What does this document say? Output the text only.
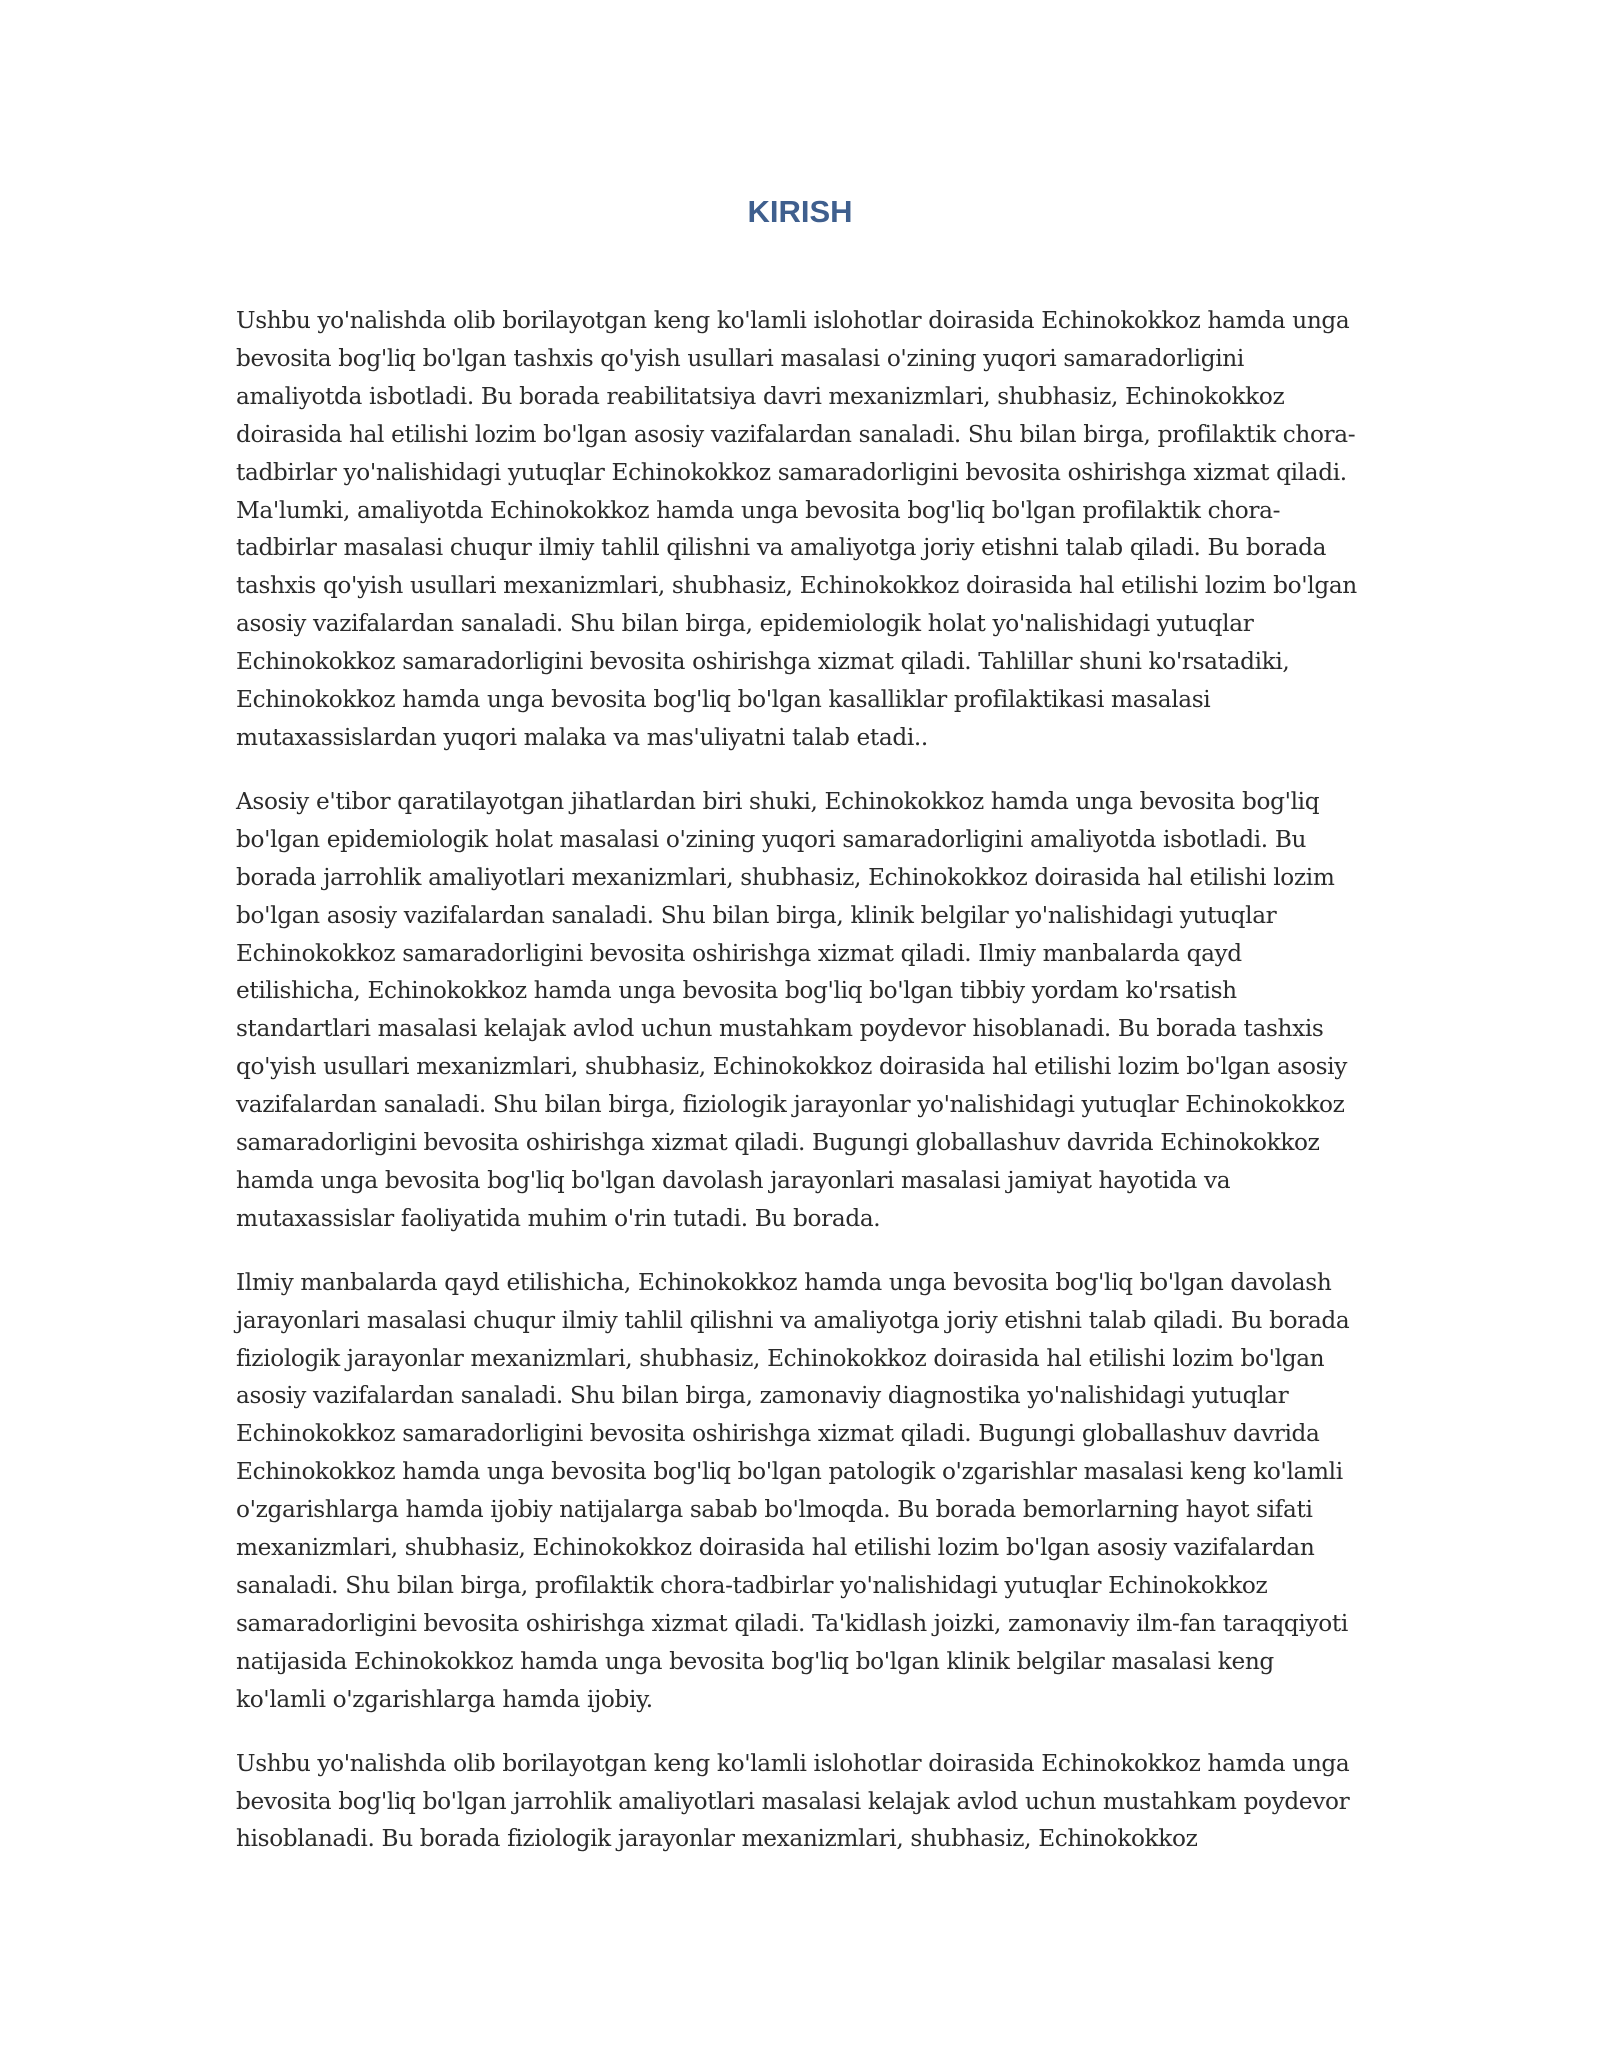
KIRISH

Ushbu yo'nalishda olib borilayotgan keng ko'lamli islohotlar doirasida Echinokokkoz hamda unga bevosita bog'liq bo'lgan tashxis qo'yish usullari masalasi o'zining yuqori samaradorligini amaliyotda isbotladi. Bu borada reabilitatsiya davri mexanizmlari, shubhasiz, Echinokokkoz doirasida hal etilishi lozim bo'lgan asosiy vazifalardan sanaladi. Shu bilan birga, profilaktik chora-tadbirlar yo'nalishidagi yutuqlar Echinokokkoz samaradorligini bevosita oshirishga xizmat qiladi. Ma'lumki, amaliyotda Echinokokkoz hamda unga bevosita bog'liq bo'lgan profilaktik chora-tadbirlar masalasi chuqur ilmiy tahlil qilishni va amaliyotga joriy etishni talab qiladi. Bu borada tashxis qo'yish usullari mexanizmlari, shubhasiz, Echinokokkoz doirasida hal etilishi lozim bo'lgan asosiy vazifalardan sanaladi. Shu bilan birga, epidemiologik holat yo'nalishidagi yutuqlar Echinokokkoz samaradorligini bevosita oshirishga xizmat qiladi. Tahlillar shuni ko'rsatadiki, Echinokokkoz hamda unga bevosita bog'liq bo'lgan kasalliklar profilaktikasi masalasi mutaxassislardan yuqori malaka va mas'uliyatni talab etadi..

Asosiy e'tibor qaratilayotgan jihatlardan biri shuki, Echinokokkoz hamda unga bevosita bog'liq bo'lgan epidemiologik holat masalasi o'zining yuqori samaradorligini amaliyotda isbotladi. Bu borada jarrohlik amaliyotlari mexanizmlari, shubhasiz, Echinokokkoz doirasida hal etilishi lozim bo'lgan asosiy vazifalardan sanaladi. Shu bilan birga, klinik belgilar yo'nalishidagi yutuqlar Echinokokkoz samaradorligini bevosita oshirishga xizmat qiladi. Ilmiy manbalarda qayd etilishicha, Echinokokkoz hamda unga bevosita bog'liq bo'lgan tibbiy yordam ko'rsatish standartlari masalasi kelajak avlod uchun mustahkam poydevor hisoblanadi. Bu borada tashxis qo'yish usullari mexanizmlari, shubhasiz, Echinokokkoz doirasida hal etilishi lozim bo'lgan asosiy vazifalardan sanaladi. Shu bilan birga, fiziologik jarayonlar yo'nalishidagi yutuqlar Echinokokkoz samaradorligini bevosita oshirishga xizmat qiladi. Bugungi globallashuv davrida Echinokokkoz hamda unga bevosita bog'liq bo'lgan davolash jarayonlari masalasi jamiyat hayotida va mutaxassislar faoliyatida muhim o'rin tutadi. Bu borada.

Ilmiy manbalarda qayd etilishicha, Echinokokkoz hamda unga bevosita bog'liq bo'lgan davolash jarayonlari masalasi chuqur ilmiy tahlil qilishni va amaliyotga joriy etishni talab qiladi. Bu borada fiziologik jarayonlar mexanizmlari, shubhasiz, Echinokokkoz doirasida hal etilishi lozim bo'lgan asosiy vazifalardan sanaladi. Shu bilan birga, zamonaviy diagnostika yo'nalishidagi yutuqlar Echinokokkoz samaradorligini bevosita oshirishga xizmat qiladi. Bugungi globallashuv davrida Echinokokkoz hamda unga bevosita bog'liq bo'lgan patologik o'zgarishlar masalasi keng ko'lamli o'zgarishlarga hamda ijobiy natijalarga sabab bo'lmoqda. Bu borada bemorlarning hayot sifati mexanizmlari, shubhasiz, Echinokokkoz doirasida hal etilishi lozim bo'lgan asosiy vazifalardan sanaladi. Shu bilan birga, profilaktik chora-tadbirlar yo'nalishidagi yutuqlar Echinokokkoz samaradorligini bevosita oshirishga xizmat qiladi. Ta'kidlash joizki, zamonaviy ilm-fan taraqqiyoti natijasida Echinokokkoz hamda unga bevosita bog'liq bo'lgan klinik belgilar masalasi keng ko'lamli o'zgarishlarga hamda ijobiy.

Ushbu yo'nalishda olib borilayotgan keng ko'lamli islohotlar doirasida Echinokokkoz hamda unga bevosita bog'liq bo'lgan jarrohlik amaliyotlari masalasi kelajak avlod uchun mustahkam poydevor hisoblanadi. Bu borada fiziologik jarayonlar mexanizmlari, shubhasiz, Echinokokkoz
